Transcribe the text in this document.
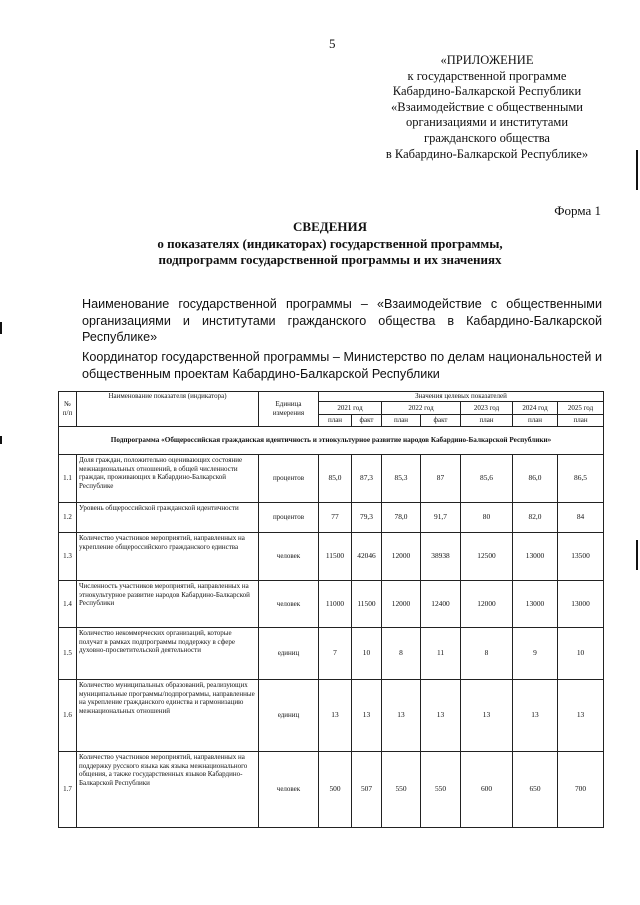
5
«ПРИЛОЖЕНИЕ
к государственной программе
Кабардино-Балкарской Республики
«Взаимодействие с общественными
организациями и институтами
гражданского общества
в Кабардино-Балкарской Республике»
Форма 1
СВЕДЕНИЯ
о показателях (индикаторах) государственной программы,
подпрограмм государственной программы и их значениях
Наименование государственной программы – «Взаимодействие с общественными организациями и институтами гражданского общества в Кабардино-Балкарской Республике»
Координатор государственной программы – Министерство по делам национальностей и общественным проектам Кабардино-Балкарской Республики
№ п/п	Наименование показателя (индикатора)	Единица измерения	Значения целевых показателей						
			2021 год		2022 год		2023 год	2024 год	2025 год
			план	факт	план	факт	план	план	план
Подпрограмма «Общероссийская гражданская идентичность и этнокультурное развитие народов Кабардино-Балкарской Республики»									
1.1	Доля граждан, положительно оценивающих состояние межнациональных отношений, в общей численности граждан, проживающих в Кабардино-Балкарской Республике	процентов	85,0	87,3	85,3	87	85,6	86,0	86,5
1.2	Уровень общероссийской гражданской идентичности	процентов	77	79,3	78,0	91,7	80	82,0	84
1.3	Количество участников мероприятий, направленных на укрепление общероссийского гражданского единства	человек	11500	42046	12000	38938	12500	13000	13500
1.4	Численность участников мероприятий, направленных на этнокультурное развитие народов Кабардино-Балкарской Республики	человек	11000	11500	12000	12400	12000	13000	13000
1.5	Количество некоммерческих организаций, которые получат в рамках подпрограммы поддержку в сфере духовно-просветительской деятельности	единиц	7	10	8	11	8	9	10
1.6	Количество муниципальных образований, реализующих муниципальные программы/подпрограммы, направленные на укрепление гражданского единства и гармонизацию межнациональных отношений	единиц	13	13	13	13	13	13	13
1.7	Количество участников мероприятий, направленных на поддержку русского языка как языка межнационального общения, а также государственных языков Кабардино-Балкарской Республики	человек	500	507	550	550	600	650	700
